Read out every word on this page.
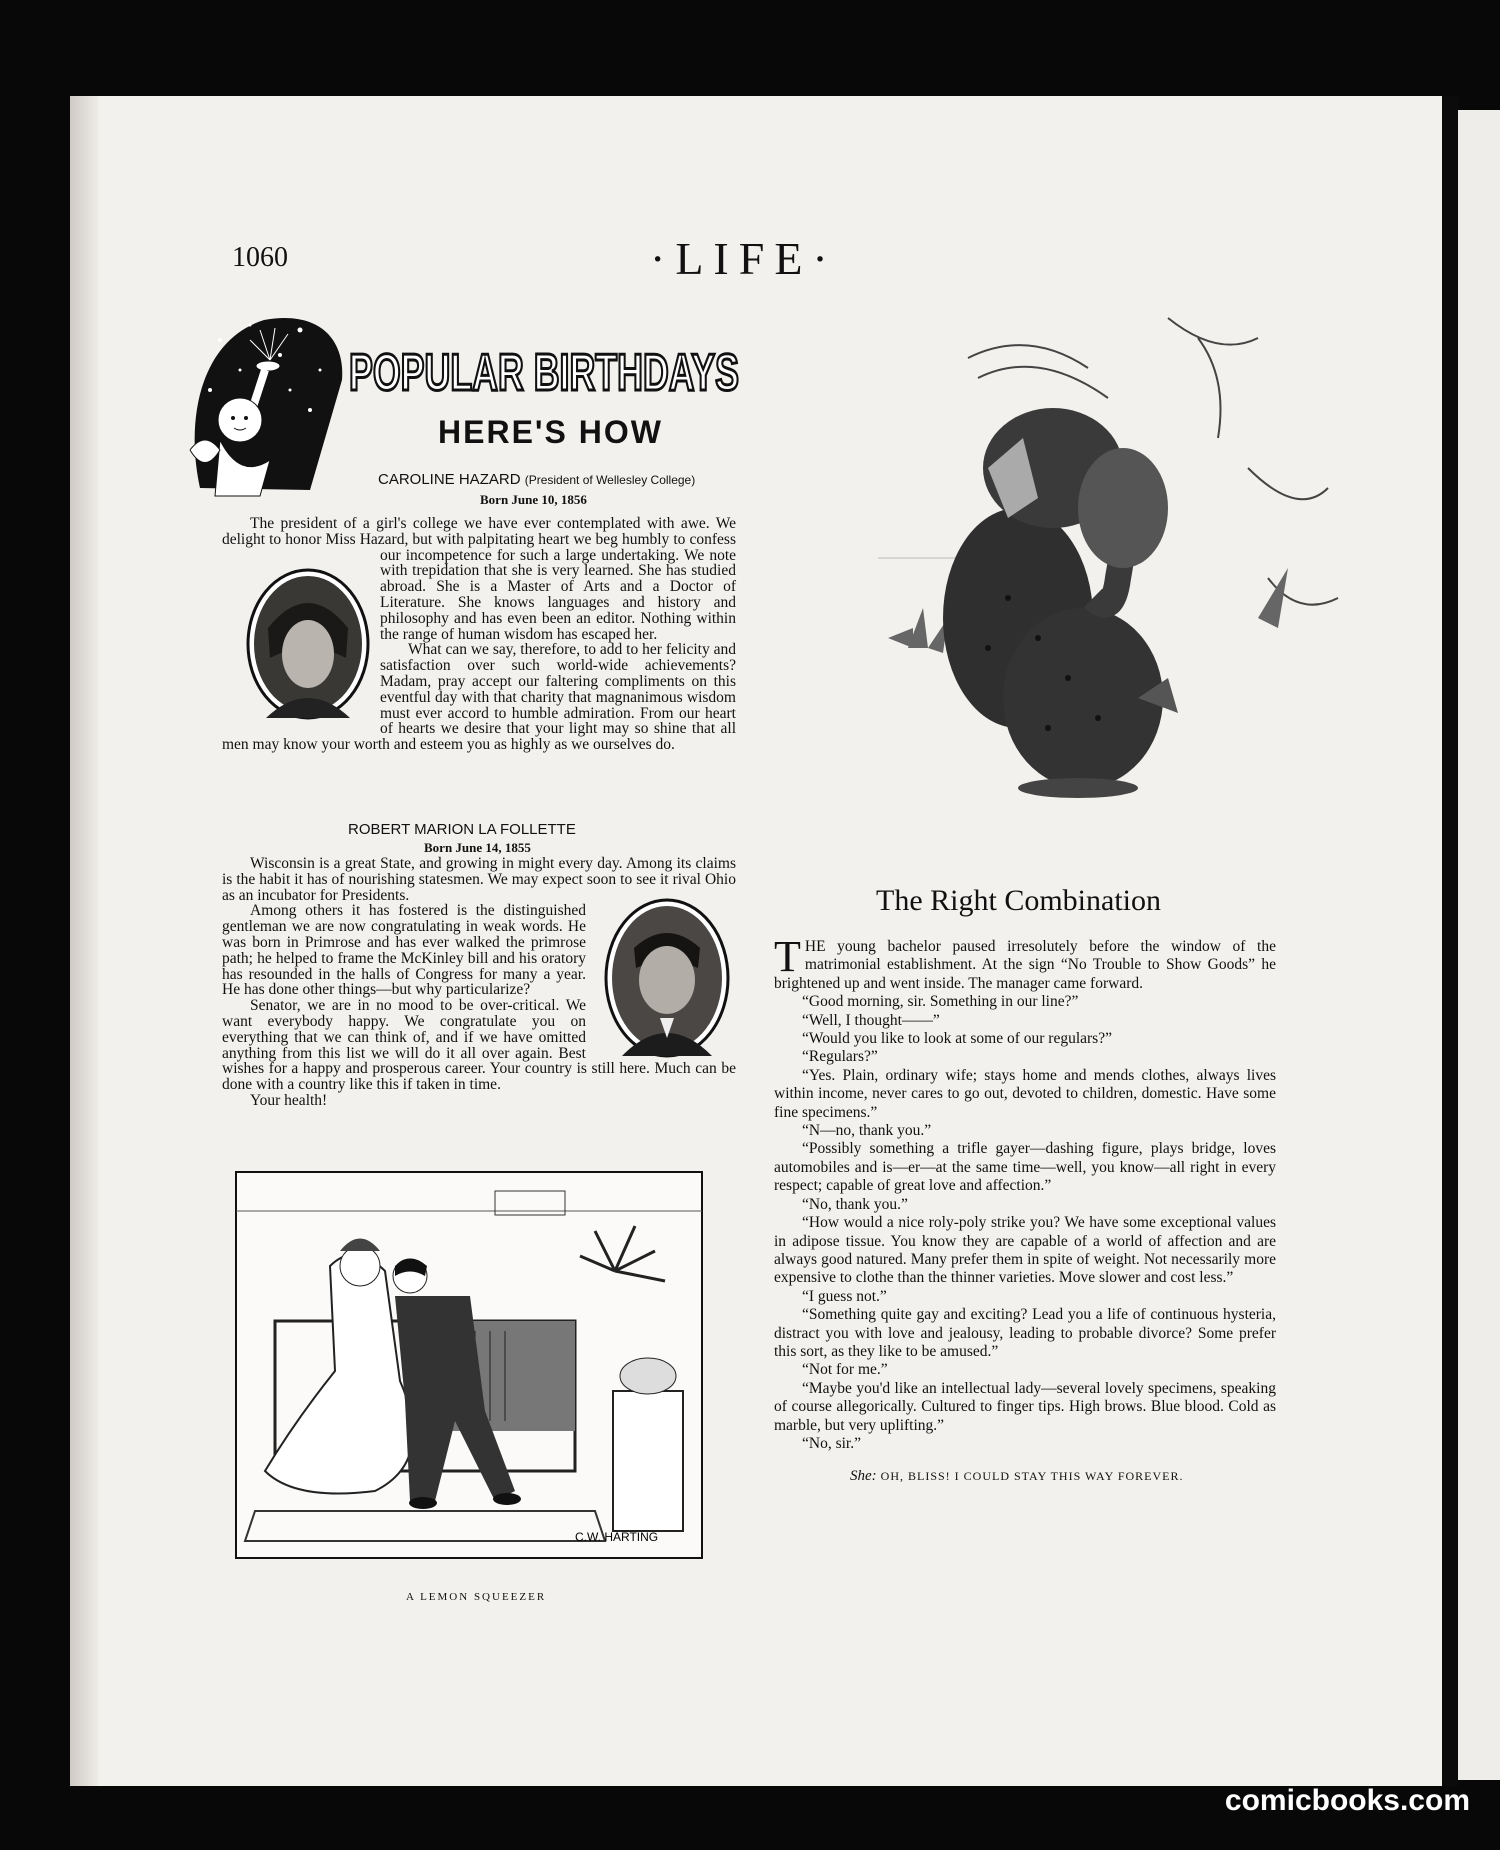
1060	·LIFE·
POPULAR BIRTHDAYS
HERE'S HOW
CAROLINE HAZARD (President of Wellesley College)
Born June 10, 1856

The president of a girl's college we have ever contemplated with awe. We delight to honor Miss Hazard, but with palpitating heart we beg humbly to confess our incompetence for such a large undertaking. We note with trepidation that she is very learned. She has studied abroad. She is a Master of Arts and a Doctor of Literature. She knows languages and history and philosophy and has even been an editor. Nothing within the range of human wisdom has escaped her.

What can we say, therefore, to add to her felicity and satisfaction over such world-wide achievements? Madam, pray accept our faltering compliments on this eventful day with that charity that magnanimous wisdom must ever accord to humble admiration. From our heart of hearts we desire that your light may so shine that all men may know your worth and esteem you as highly as we ourselves do.

ROBERT MARION LA FOLLETTE
Born June 14, 1855

Wisconsin is a great State, and growing in might every day. Among its claims is the habit it has of nourishing statesmen. We may expect soon to see it rival Ohio as an incubator for Presidents.

Among others it has fostered is the distinguished gentleman we are now congratulating in weak words. He was born in Primrose and has ever walked the primrose path; he helped to frame the McKinley bill and his oratory has resounded in the halls of Congress for many a year. He has done other things—but why particularize?

Senator, we are in no mood to be over-critical. We want everybody happy. We congratulate you on everything that we can think of, and if we have omitted anything from this list we will do it all over again. Best wishes for a happy and prosperous career. Your country is still here. Much can be done with a country like this if taken in time.

Your health!

C.W. HARTING
A LEMON SQUEEZER
She: OH, BLISS! I COULD STAY THIS WAY FOREVER.
The Right Combination
T HE young bachelor paused irresolutely before the window of the matrimonial establishment. At the sign “No Trouble to Show Goods” he brightened up and went inside. The manager came forward.

“Good morning, sir. Something in our line?”

“Well, I thought——”

“Would you like to look at some of our regulars?”

“Regulars?”

“Yes. Plain, ordinary wife; stays home and mends clothes, always lives within income, never cares to go out, devoted to children, domestic. Have some fine specimens.”

“N—no, thank you.”

“Possibly something a trifle gayer—dashing figure, plays bridge, loves automobiles and is—er—at the same time—well, you know—all right in every respect; capable of great love and affection.”

“No, thank you.”

“How would a nice roly-poly strike you? We have some exceptional values in adipose tissue. You know they are capable of a world of affection and are always good natured. Many prefer them in spite of weight. Not necessarily more expensive to clothe than the thinner varieties. Move slower and cost less.”

“I guess not.”

“Something quite gay and exciting? Lead you a life of continuous hysteria, distract you with love and jealousy, leading to probable divorce? Some prefer this sort, as they like to be amused.”

“Not for me.”

“Maybe you'd like an intellectual lady—several lovely specimens, speaking of course allegorically. Cultured to finger tips. High brows. Blue blood. Cold as marble, but very uplifting.”

“No, sir.”

comicbooks.com
